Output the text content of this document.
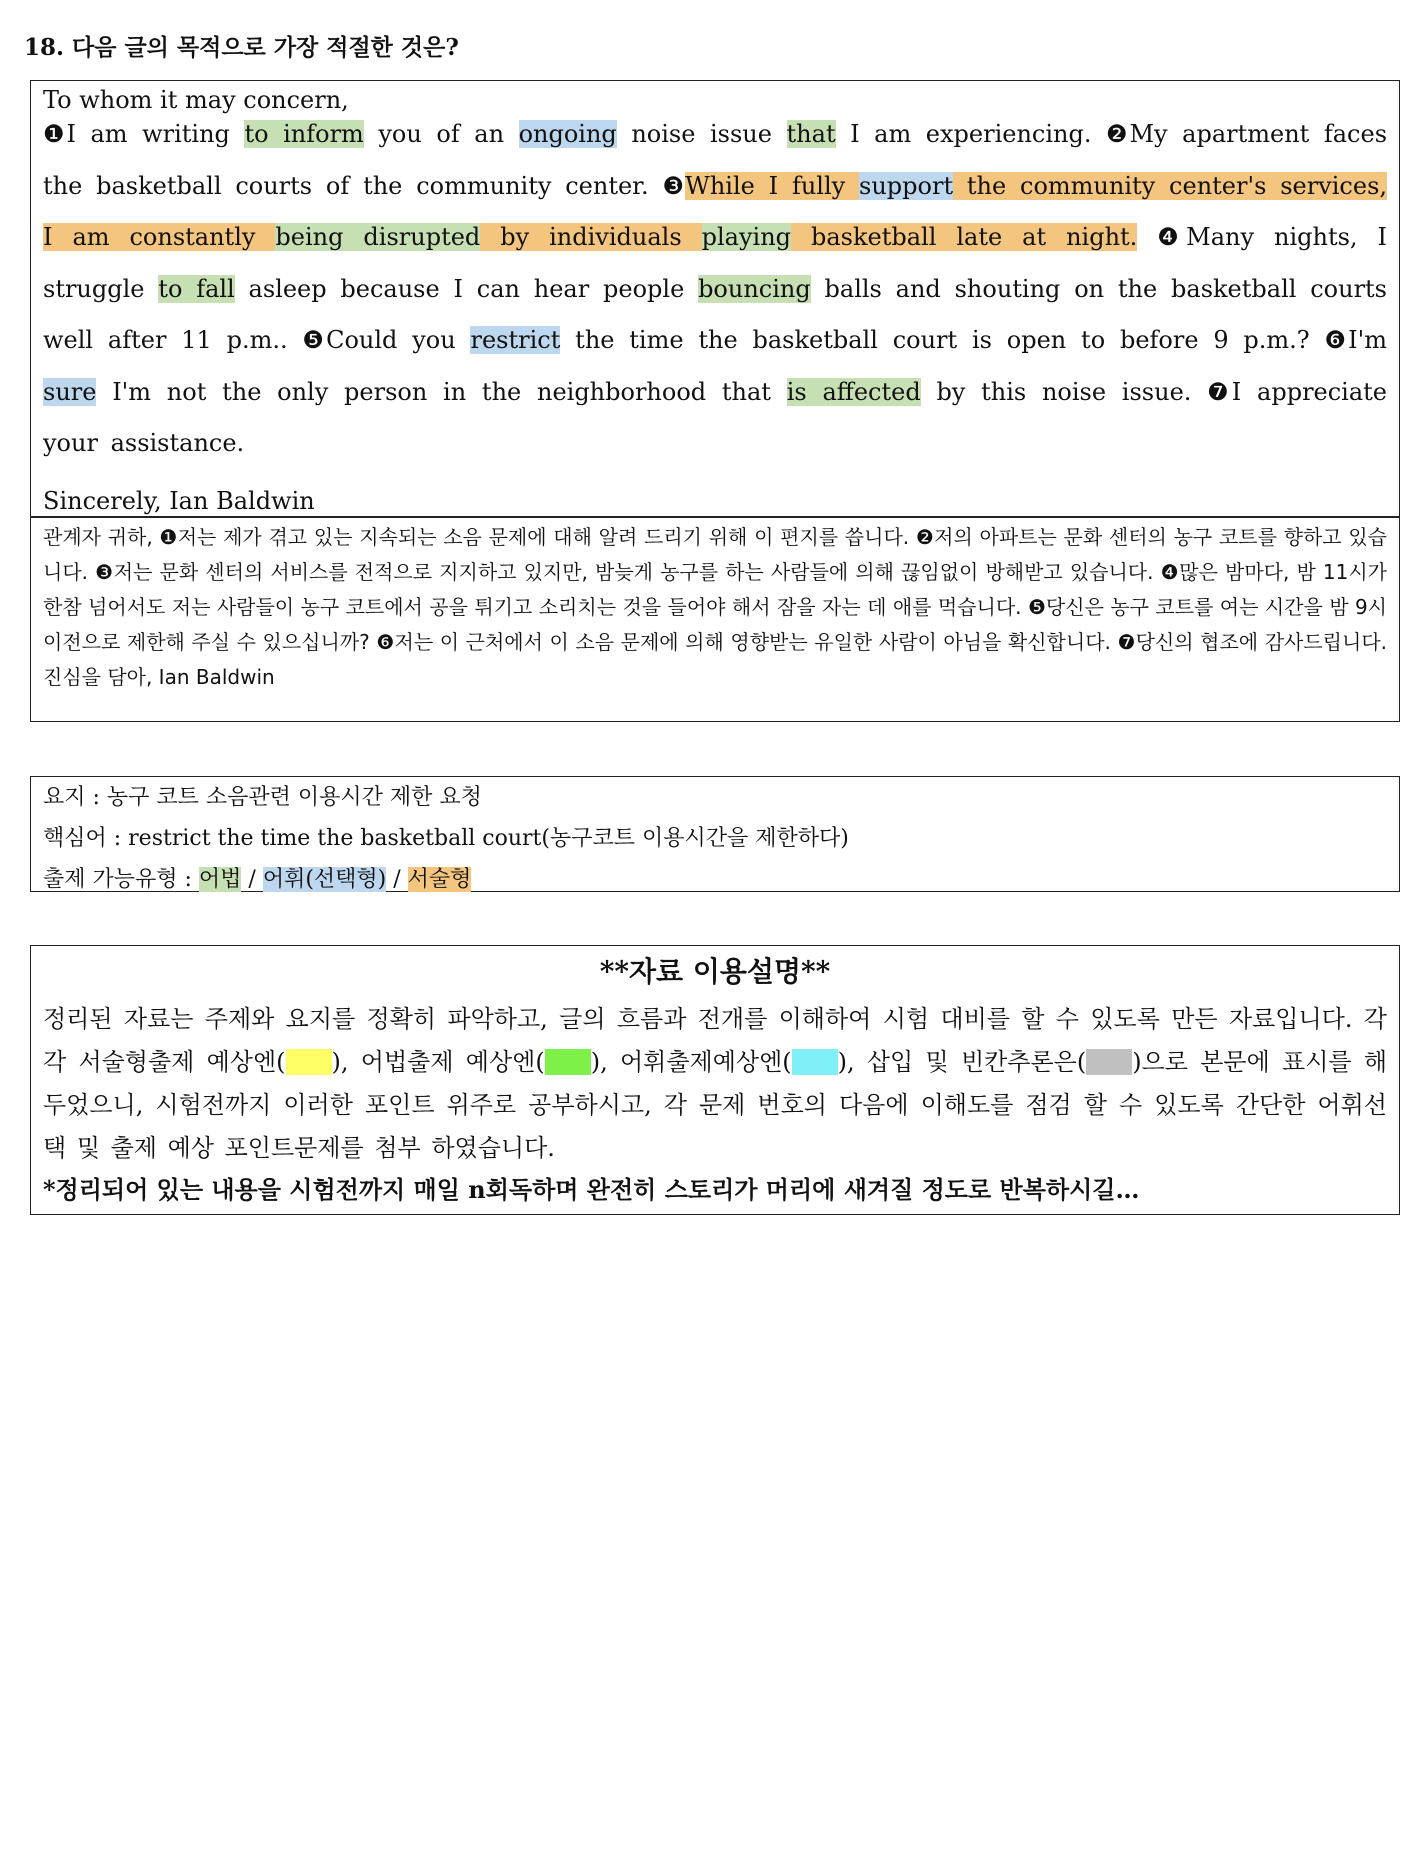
18. 다음 글의 목적으로 가장 적절한 것은?
To whom it may concern,
❶I am writing to inform you of an ongoing noise issue that I am experiencing. ❷My apartment faces the basketball courts of the community center. ❸While I fully support the community center's services, I am constantly being disrupted by individuals playing basketball late at night. ❹Many nights, I struggle to fall asleep because I can hear people bouncing balls and shouting on the basketball courts well after 11 p.m.. ❺Could you restrict the time the basketball court is open to before 9 p.m.? ❻I'm sure I'm not the only person in the neighborhood that is affected by this noise issue. ❼I appreciate your assistance.
Sincerely, Ian Baldwin
관계자 귀하, ❶저는 제가 겪고 있는 지속되는 소음 문제에 대해 알려 드리기 위해 이 편지를 씁니다. ❷저의 아파트는 문화 센터의 농구 코트를 향하고 있습니다. ❸저는 문화 센터의 서비스를 전적으로 지지하고 있지만, 밤늦게 농구를 하는 사람들에 의해 끊임없이 방해받고 있습니다. ❹많은 밤마다, 밤 11시가 한참 넘어서도 저는 사람들이 농구 코트에서 공을 튀기고 소리치는 것을 들어야 해서 잠을 자는 데 애를 먹습니다. ❺당신은 농구 코트를 여는 시간을 밤 9시 이전으로 제한해 주실 수 있으십니까? ❻저는 이 근처에서 이 소음 문제에 의해 영향받는 유일한 사람이 아님을 확신합니다. ❼당신의 협조에 감사드립니다. 진심을 담아, Ian Baldwin
요지 : 농구 코트 소음관련 이용시간 제한 요청
핵심어 : restrict the time the basketball court(농구코트 이용시간을 제한하다)
출제 가능유형 : 어법 / 어휘(선택형) / 서술형
**자료 이용설명**
정리된 자료는 주제와 요지를 정확히 파악하고, 글의 흐름과 전개를 이해하여 시험 대비를 할 수 있도록 만든 자료입니다. 각각 서술형출제 예상엔( ), 어법출제 예상엔( ), 어휘출제예상엔( ), 삽입 및 빈칸추론은( )으로 본문에 표시를 해두었으니, 시험전까지 이러한 포인트 위주로 공부하시고, 각 문제 번호의 다음에 이해도를 점검 할 수 있도록 간단한 어휘선택 및 출제 예상 포인트문제를 첨부 하였습니다.
*정리되어 있는 내용을 시험전까지 매일 n회독하며 완전히 스토리가 머리에 새겨질 정도로 반복하시길…
